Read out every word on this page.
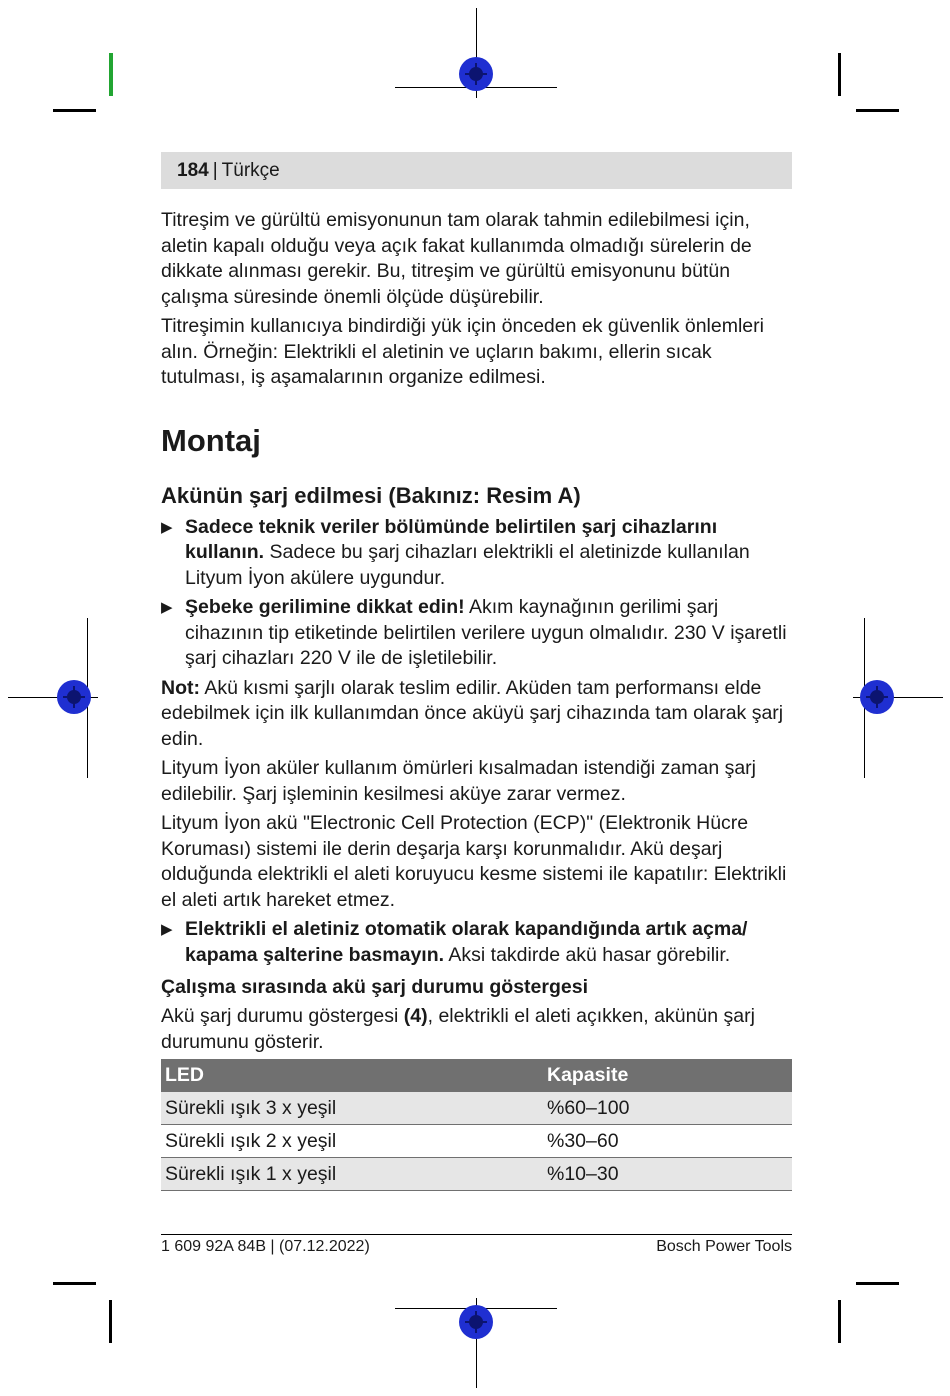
184 | Türkçe

Titreşim ve gürültü emisyonunun tam olarak tahmin edilebilmesi için, aletin kapalı olduğu veya açık fakat kullanımda olmadığı sürelerin de dikkate alınması gerekir. Bu, titreşim ve gürültü emisyonunu bütün çalışma süresinde önemli ölçüde düşürebilir.

Titreşimin kullanıcıya bindirdiği yük için önceden ek güvenlik önlemleri alın. Örneğin: Elektrikli el aletinin ve uçların bakımı, ellerin sıcak tutulması, iş aşamalarının organize edilmesi.

Montaj
Akünün şarj edilmesi (Bakınız: Resim A)
▶ Sadece teknik veriler bölümünde belirtilen şarj cihazlarını kullanın. Sadece bu şarj cihazları elektrikli el aletinizde kullanılan Lityum İyon akülere uygundur.
▶ Şebeke gerilimine dikkat edin! Akım kaynağının gerilimi şarj cihazının tip etiketinde belirtilen verilere uygun olmalıdır. 230 V işaretli şarj cihazları 220 V ile de işletilebilir.

Not: Akü kısmi şarjlı olarak teslim edilir. Aküden tam performansı elde edebilmek için ilk kullanımdan önce aküyü şarj cihazında tam olarak şarj edin.

Lityum İyon aküler kullanım ömürleri kısalmadan istendiği zaman şarj edilebilir. Şarj işleminin kesilmesi aküye zarar vermez.

Lityum İyon akü "Electronic Cell Protection (ECP)" (Elektronik Hücre Koruması) sistemi ile derin deşarja karşı korunmalıdır. Akü deşarj olduğunda elektrikli el aleti koruyucu kesme sistemi ile kapatılır: Elektrikli el aleti artık hareket etmez.

▶ Elektrikli el aletiniz otomatik olarak kapandığında artık açma/ kapama şalterine basmayın. Aksi takdirde akü hasar görebilir.
Çalışma sırasında akü şarj durumu göstergesi

Akü şarj durumu göstergesi (4), elektrikli el aleti açıkken, akünün şarj durumunu gösterir.

LED	Kapasite
Sürekli ışık 3 x yeşil	%60–100
Sürekli ışık 2 x yeşil	%30–60
Sürekli ışık 1 x yeşil	%10–30
1 609 92A 84B | (07.12.2022)	Bosch Power Tools
